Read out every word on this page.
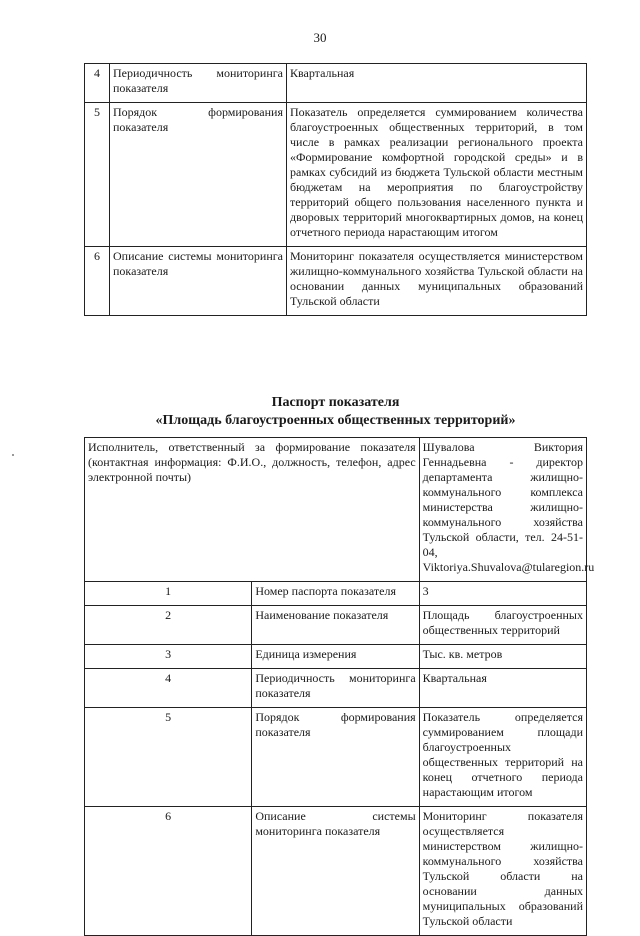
30
4	Периодичность мониторинга показателя	Квартальная
5	Порядок формирования показателя	Показатель определяется суммированием количества благоустроенных общественных территорий, в том числе в рамках реализации регионального проекта «Формирование комфортной городской среды» и в рамках субсидий из бюджета Тульской области местным бюджетам на мероприятия по благоустройству территорий общего пользования населенного пункта и дворовых территорий многоквартирных домов, на конец отчетного периода нарастающим итогом
6	Описание системы мониторинга показателя	Мониторинг показателя осуществляется министерством жилищно-коммунального хозяйства Тульской области на основании данных муниципальных образований Тульской области
Паспорт показателя
«Площадь благоустроенных общественных территорий»
Исполнитель, ответственный за формирование показателя (контактная информация: Ф.И.О., должность, телефон, адрес электронной почты)		Шувалова Виктория Геннадьевна - директор департамента жилищно-коммунального комплекса министерства жилищно-коммунального хозяйства Тульской области, тел. 24-51-04, Viktoriya.Shuvalova@tularegion.ru
1	Номер паспорта показателя	3
2	Наименование показателя	Площадь благоустроенных общественных территорий
3	Единица измерения	Тыс. кв. метров
4	Периодичность мониторинга показателя	Квартальная
5	Порядок формирования показателя	Показатель определяется суммированием площади благоустроенных общественных территорий на конец отчетного периода нарастающим итогом
6	Описание системы мониторинга показателя	Мониторинг показателя осуществляется министерством жилищно-коммунального хозяйства Тульской области на основании данных муниципальных образований Тульской области
